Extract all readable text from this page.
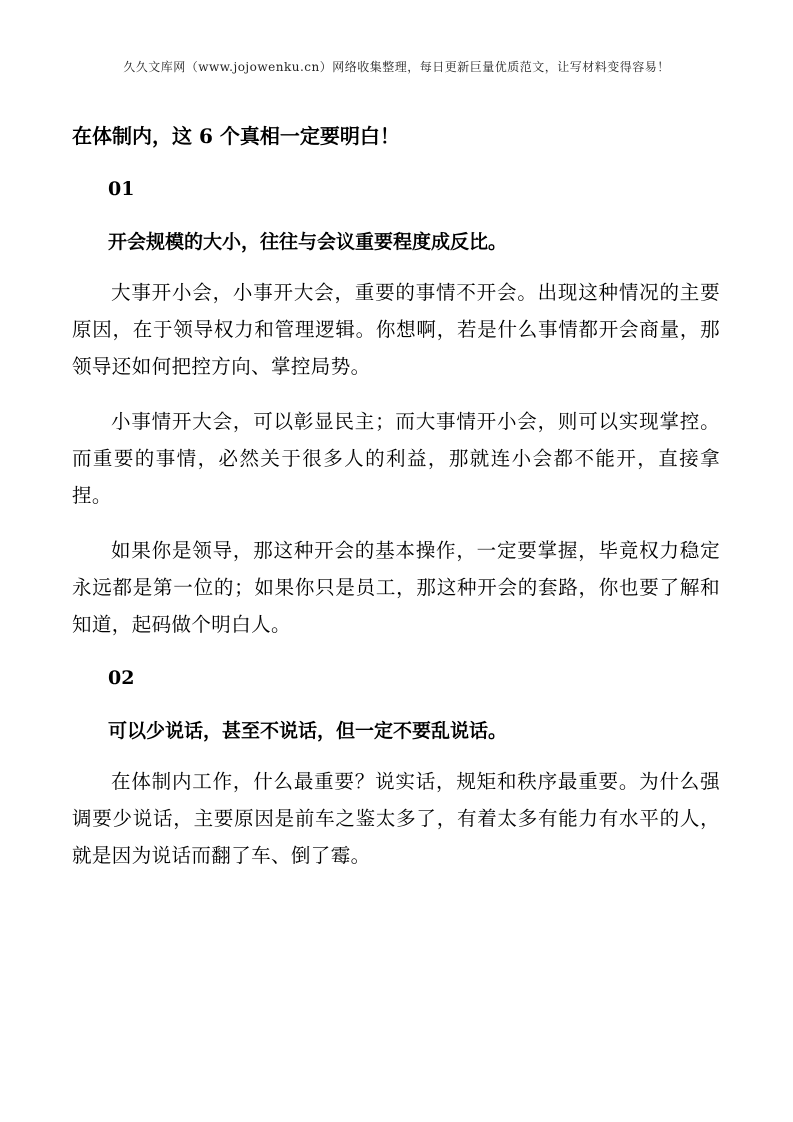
久久文库网（www.jojowenku.cn）网络收集整理，每日更新巨量优质范文，让写材料变得容易！
在体制内，这 6 个真相一定要明白！
01
开会规模的大小，往往与会议重要程度成反比。

大事开小会，小事开大会，重要的事情不开会。出现这种情况的主要原因，在于领导权力和管理逻辑。你想啊，若是什么事情都开会商量，那领导还如何把控方向、掌控局势。

小事情开大会，可以彰显民主；而大事情开小会，则可以实现掌控。而重要的事情，必然关于很多人的利益，那就连小会都不能开，直接拿捏。

如果你是领导，那这种开会的基本操作，一定要掌握，毕竟权力稳定永远都是第一位的；如果你只是员工，那这种开会的套路，你也要了解和知道，起码做个明白人。

02
可以少说话，甚至不说话，但一定不要乱说话。

在体制内工作，什么最重要？说实话，规矩和秩序最重要。为什么强调要少说话，主要原因是前车之鉴太多了，有着太多有能力有水平的人，就是因为说话而翻了车、倒了霉。
